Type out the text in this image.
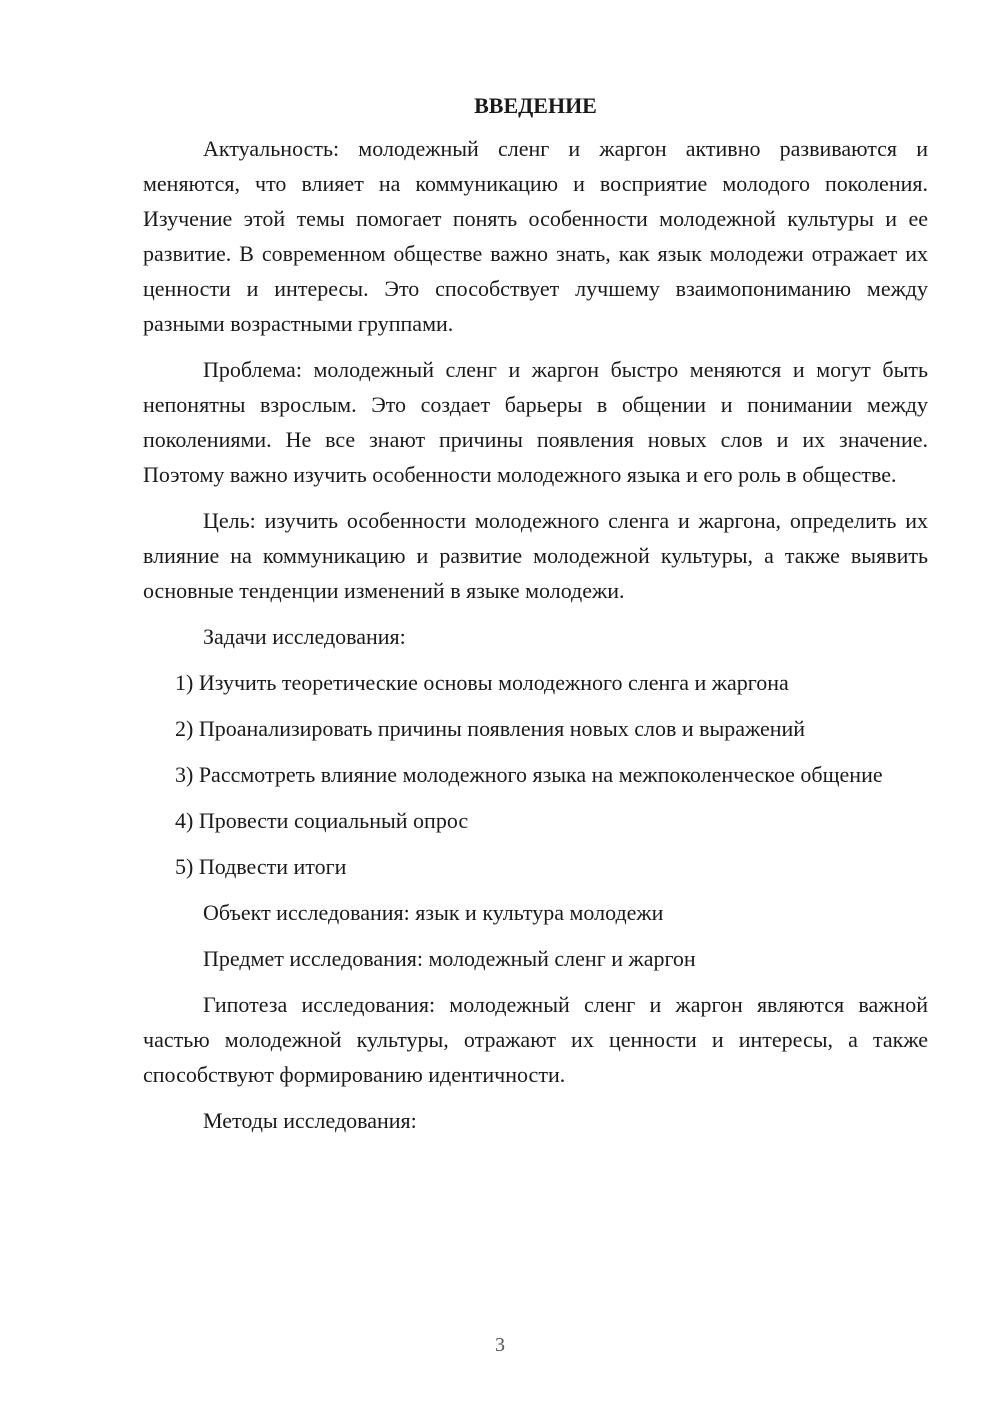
ВВЕДЕНИЕ

Актуальность: молодежный сленг и жаргон активно развиваются и меняются, что влияет на коммуникацию и восприятие молодого поколения. Изучение этой темы помогает понять особенности молодежной культуры и ее развитие. В современном обществе важно знать, как язык молодежи отражает их ценности и интересы. Это способствует лучшему взаимопониманию между разными возрастными группами.

Проблема: молодежный сленг и жаргон быстро меняются и могут быть непонятны взрослым. Это создает барьеры в общении и понимании между поколениями. Не все знают причины появления новых слов и их значение. Поэтому важно изучить особенности молодежного языка и его роль в обществе.

Цель: изучить особенности молодежного сленга и жаргона, определить их влияние на коммуникацию и развитие молодежной культуры, а также выявить основные тенденции изменений в языке молодежи.

Задачи исследования:

1) Изучить теоретические основы молодежного сленга и жаргона

2) Проанализировать причины появления новых слов и выражений

3) Рассмотреть влияние молодежного языка на межпоколенческое общение

4) Провести социальный опрос

5) Подвести итоги

Объект исследования: язык и культура молодежи

Предмет исследования: молодежный сленг и жаргон

Гипотеза исследования: молодежный сленг и жаргон являются важной частью молодежной культуры, отражают их ценности и интересы, а также способствуют формированию идентичности.

Методы исследования:

3
